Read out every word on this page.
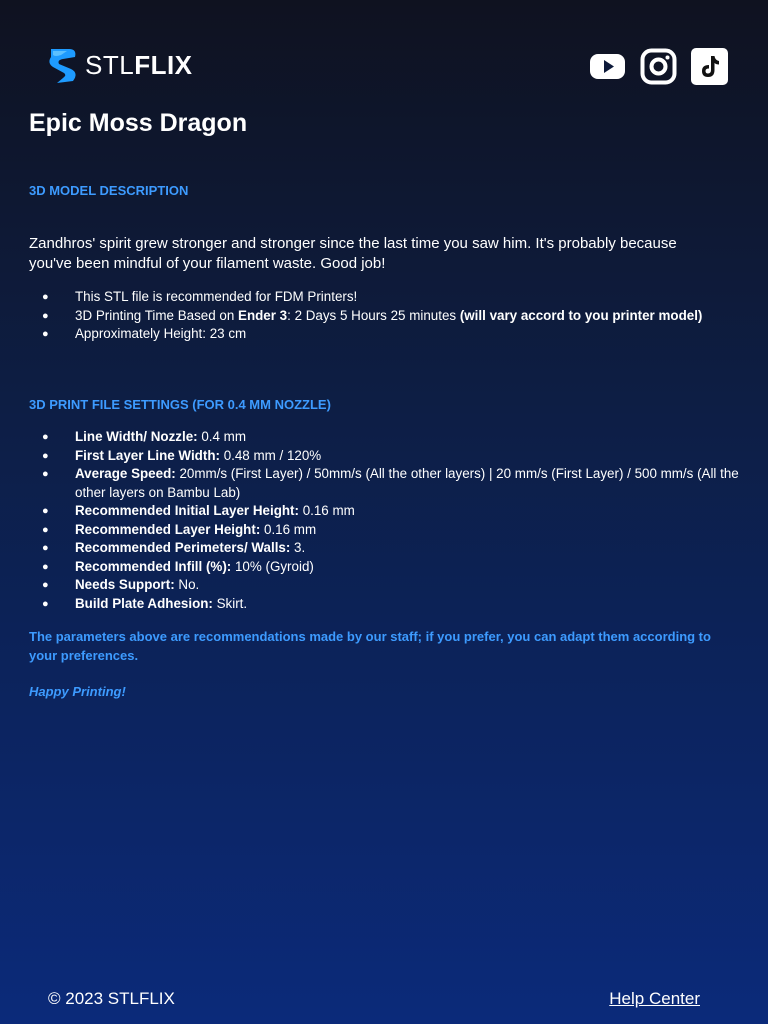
STLFLIX
Epic Moss Dragon

3D MODEL DESCRIPTION

Zandhros' spirit grew stronger and stronger since the last time you saw him. It's probably because you've been mindful of your filament waste. Good job!

● This STL file is recommended for FDM Printers!
● 3D Printing Time Based on Ender 3: 2 Days 5 Hours 25 minutes (will vary accord to you printer model)
● Approximately Height: 23 cm

3D PRINT FILE SETTINGS (FOR 0.4 MM NOZZLE)

● Line Width/ Nozzle: 0.4 mm
● First Layer Line Width: 0.48 mm / 120%
● Average Speed: 20mm/s (First Layer) / 50mm/s (All the other layers) | 20 mm/s (First Layer) / 500 mm/s (All the other layers on Bambu Lab)
● Recommended Initial Layer Height: 0.16 mm
● Recommended Layer Height: 0.16 mm
● Recommended Perimeters/ Walls: 3.
● Recommended Infill (%): 10% (Gyroid)
● Needs Support: No.
● Build Plate Adhesion: Skirt.

The parameters above are recommendations made by our staff; if you prefer, you can adapt them according to your preferences.

Happy Printing!

© 2023 STLFLIX	Help Center
